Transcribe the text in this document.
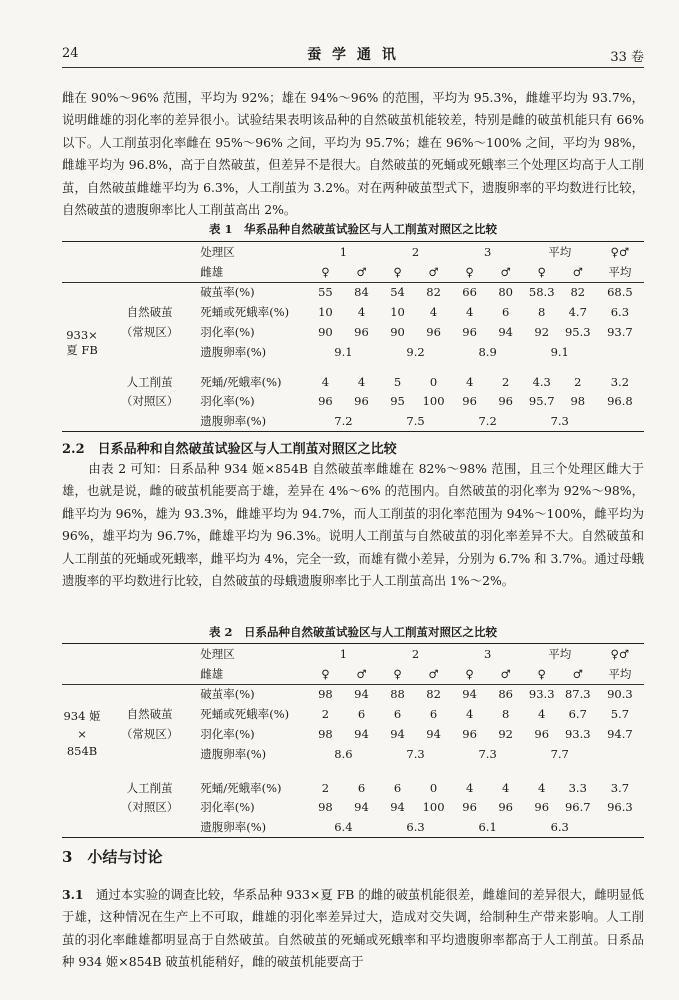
24	蚕 学 通 讯	33 卷

雌在 90%～96% 范围，平均为 92%；雄在 94%～96% 的范围，平均为 95.3%，雌雄平均为 93.7%，说明雌雄的羽化率的差异很小。试验结果表明该品种的自然破茧机能较差，特别是雌的破茧机能只有 66% 以下。人工削茧羽化率雌在 95%～96% 之间，平均为 95.7%；雄在 96%～100% 之间，平均为 98%，雌雄平均为 96.8%，高于自然破茧，但差异不是很大。自然破茧的死蛹或死蛾率三个处理区均高于人工削茧，自然破茧雌雄平均为 6.3%，人工削茧为 3.2%。对在两种破茧型式下，遗腹卵率的平均数进行比较，自然破茧的遗腹卵率比人工削茧高出 2%。

表 1　华系品种自然破茧试验区与人工削茧对照区之比较

		处理区	1		2		3		平均		♀♂
		雌雄	♀	♂	♀	♂	♀	♂	♀	♂	平均
		破茧率(%)	55	84	54	82	66	80	58.3	82	68.5
933×	自然破茧	死蛹或死蛾率(%)	10	4	10	4	4	6	8	4.7	6.3
	（常规区）	羽化率(%)	90	96	90	96	96	94	92	95.3	93.7
夏 FB		遗腹卵率(%)	9.1		9.2		8.9		9.1		

	人工削茧	死蛹/死蛾率(%)	4	4	5	0	4	2	4.3	2	3.2
	（对照区）	羽化率(%)	96	96	95	100	96	96	95.7	98	96.8
		遗腹卵率(%)	7.2		7.5		7.2		7.3		

2.2　日系品种和自然破茧试验区与人工削茧对照区之比较

由表 2 可知：日系品种 934 姬×854B 自然破茧率雌雄在 82%～98% 范围，且三个处理区雌大于雄，也就是说，雌的破茧机能要高于雄，差异在 4%～6% 的范围内。自然破茧的羽化率为 92%～98%，雌平均为 96%，雄为 93.3%，雌雄平均为 94.7%，而人工削茧的羽化率范围为 94%～100%，雌平均为 96%，雄平均为 96.7%，雌雄平均为 96.3%。说明人工削茧与自然破茧的羽化率差异不大。自然破茧和人工削茧的死蛹或死蛾率，雌平均为 4%，完全一致，而雄有微小差异，分别为 6.7% 和 3.7%。通过母蛾遗腹率的平均数进行比较，自然破茧的母蛾遗腹卵率比于人工削茧高出 1%～2%。

表 2　日系品种自然破茧试验区与人工削茧对照区之比较

		处理区	1		2		3		平均		♀♂
		雌雄	♀	♂	♀	♂	♀	♂	♀	♂	平均
		破茧率(%)	98	94	88	82	94	86	93.3	87.3	90.3
934 姬	自然破茧	死蛹或死蛾率(%)	2	6	6	6	4	8	4	6.7	5.7
×	（常规区）	羽化率(%)	98	94	94	94	96	92	96	93.3	94.7
854B		遗腹卵率(%)	8.6		7.3		7.3		7.7		

	人工削茧	死蛹/死蛾率(%)	2	6	6	0	4	4	4	3.3	3.7
	（对照区）	羽化率(%)	98	94	94	100	96	96	96	96.7	96.3
		遗腹卵率(%)	6.4		6.3		6.1		6.3		

3　小结与讨论

3.1　 通过本实验的调查比较，华系品种 933×夏 FB 的雌的破茧机能很差，雌雄间的差异很大，雌明显低于雄，这种情况在生产上不可取，雌雄的羽化率差异过大，造成对交失调，给制种生产带来影响。人工削茧的羽化率雌雄都明显高于自然破茧。自然破茧的死蛹或死蛾率和平均遗腹卵率都高于人工削茧。日系品种 934 姬×854B 破茧机能稍好，雌的破茧机能要高于
